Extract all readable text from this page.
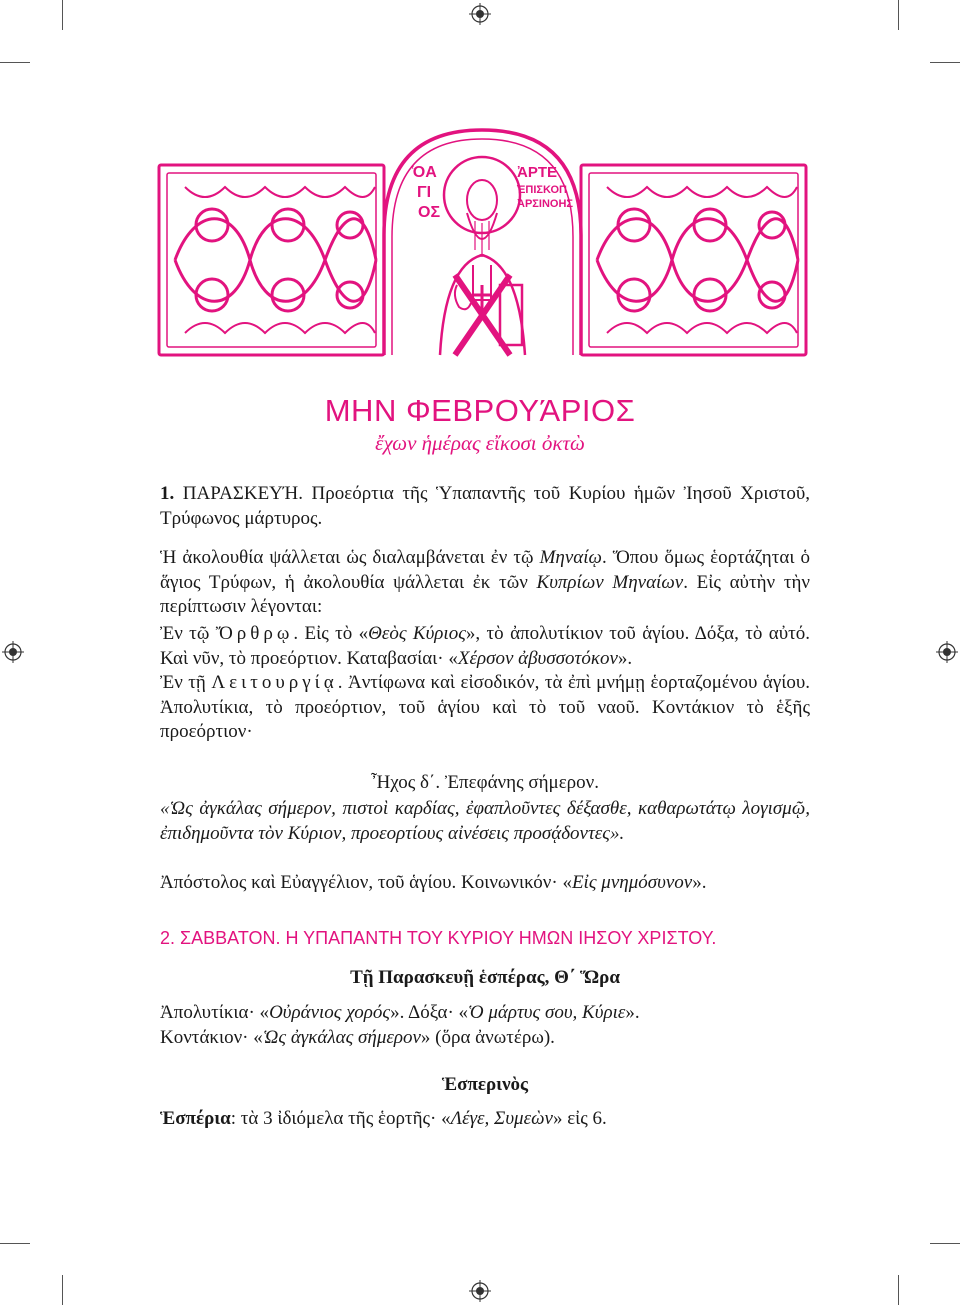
ὉΑ
ΓΙ
ΟΣ
ἈΡΤΕ
ἘΠΙΣΚΟΠ
ἈΡΣΙΝΟΗΣ
ΜΗΝ ΦΕΒΡΟΥΆΡΙΟΣ
ἔχων ἡμέρας εἴκοσι ὀκτὼ

1. ΠΑΡΑΣΚΕΥΉ. Προεόρτια τῆς Ὑπαπαντῆς τοῦ Κυρίου ἡμῶν Ἰησοῦ Χριστοῦ, Τρύφωνος μάρτυρος.

Ἡ ἀκολουθία ψάλλεται ὡς διαλαμβάνεται ἐν τῷ Μηναίῳ. Ὅπου ὅμως ἑορτάζηται ὁ ἅγιος Τρύφων, ἡ ἀκολουθία ψάλλεται ἐκ τῶν Κυπρίων Μηναίων. Εἰς αὐτὴν τὴν περίπτωσιν λέγονται:

Ἐν τῷ Ὄρθρῳ. Εἰς τὸ «Θεὸς Κύριος», τὸ ἀπολυτίκιον τοῦ ἁγίου. Δόξα, τὸ αὐτό. Καὶ νῦν, τὸ προεόρτιον. Καταβασίαι· «Χέρσον ἀβυσσοτόκον».

Ἐν τῇ Λειτουργίᾳ. Ἀντίφωνα καὶ εἰσοδικόν, τὰ ἐπὶ μνήμῃ ἑορταζομένου ἁγίου. Ἀπολυτίκια, τὸ προεόρτιον, τοῦ ἁγίου καὶ τὸ τοῦ ναοῦ. Κοντάκιον τὸ ἑξῆς προεόρτιον·

Ἦχος δ΄. Ἐπεφάνης σήμερον.

«Ὡς ἀγκάλας σήμερον, πιστοὶ καρδίας, ἐφαπλοῦντες δέξασθε, καθαρωτάτῳ λογισμῷ, ἐπιδημοῦντα τὸν Κύριον, προεορτίους αἰνέσεις προσᾴδοντες».

Ἀπόστολος καὶ Εὐαγγέλιον, τοῦ ἁγίου. Κοινωνικόν· «Εἰς μνημόσυνον».

2. ΣΑΒΒΑΤΟΝ. Η ΥΠΑΠΑΝΤΗ ΤΟΥ ΚΥΡΙΟΥ ΗΜΩΝ ΙΗΣΟΥ ΧΡΙΣΤΟΥ.

Τῇ Παρασκευῇ ἑσπέρας, Θ΄ Ὥρα

Ἀπολυτίκια· «Οὐράνιος χορός». Δόξα· «Ὁ μάρτυς σου, Κύριε».

Κοντάκιον· «Ὡς ἀγκάλας σήμερον» (ὅρα ἀνωτέρω).

Ἑσπερινὸς

Ἑσπέρια: τὰ 3 ἰδιόμελα τῆς ἑορτῆς· «Λέγε, Συμεὼν» εἰς 6.
